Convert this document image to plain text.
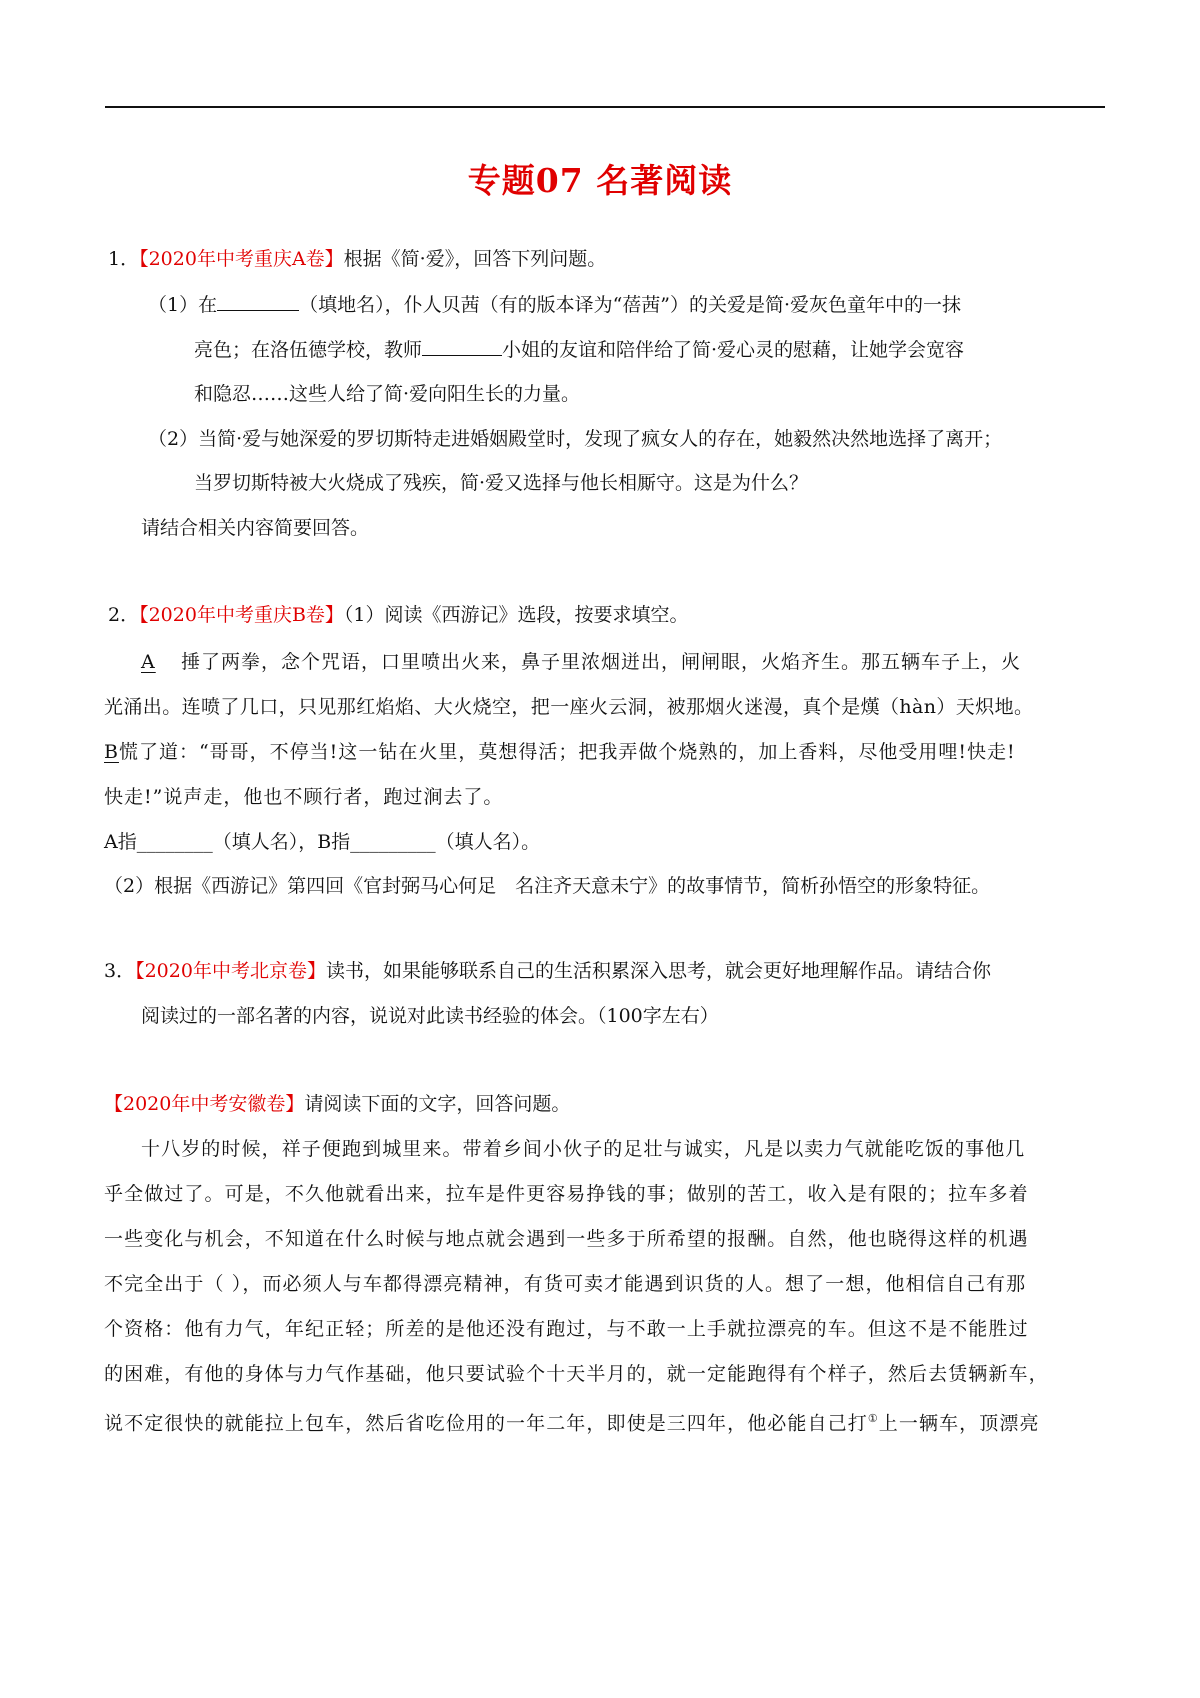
专题07 名著阅读
1．【2020年中考重庆A卷】根据《简·爱》，回答下列问题。
（1）在	（填地名），仆人贝茜（有的版本译为“蓓茜”）的关爱是简·爱灰色童年中的一抹
亮色；在洛伍德学校，教师	小姐的友谊和陪伴给了简·爱心灵的慰藉，让她学会宽容
和隐忍……这些人给了简·爱向阳生长的力量。
（2）当简·爱与她深爱的罗切斯特走进婚姻殿堂时，发现了疯女人的存在，她毅然决然地选择了离开；
当罗切斯特被大火烧成了残疾，简·爱又选择与他长相厮守。这是为什么？
请结合相关内容简要回答。
2．【2020年中考重庆B卷】（1）阅读《西游记》选段，按要求填空。
A 捶了两拳，念个咒语，口里喷出火来，鼻子里浓烟迸出，闸闸眼，火焰齐生。那五辆车子上，火
光涌出。连喷了几口，只见那红焰焰、大火烧空，把一座火云洞，被那烟火迷漫，真个是熯（hàn）天炽地。
B慌了道：“哥哥，不停当!这一钻在火里，莫想得活；把我弄做个烧熟的，加上香料，尽他受用哩!快走!
快走!”说声走，他也不顾行者，跑过涧去了。
A指________（填人名），B指_________（填人名）。
（2）根据《西游记》第四回《官封弼马心何足　名注齐天意未宁》的故事情节，简析孙悟空的形象特征。
3．【2020年中考北京卷】读书，如果能够联系自己的生活积累深入思考，就会更好地理解作品。请结合你
阅读过的一部名著的内容，说说对此读书经验的体会。（100字左右）
【2020年中考安徽卷】请阅读下面的文字，回答问题。
十八岁的时候，祥子便跑到城里来。带着乡间小伙子的足壮与诚实，凡是以卖力气就能吃饭的事他几
乎全做过了。可是，不久他就看出来，拉车是件更容易挣钱的事；做别的苦工，收入是有限的；拉车多着
一些变化与机会，不知道在什么时候与地点就会遇到一些多于所希望的报酬。自然，他也晓得这样的机遇
不完全出于（ ），而必须人与车都得漂亮精神，有货可卖才能遇到识货的人。想了一想，他相信自己有那
个资格：他有力气，年纪正轻；所差的是他还没有跑过，与不敢一上手就拉漂亮的车。但这不是不能胜过
的困难，有他的身体与力气作基础，他只要试验个十天半月的，就一定能跑得有个样子，然后去赁辆新车，
说不定很快的就能拉上包车，然后省吃俭用的一年二年，即使是三四年，他必能自己打①上一辆车，顶漂亮
